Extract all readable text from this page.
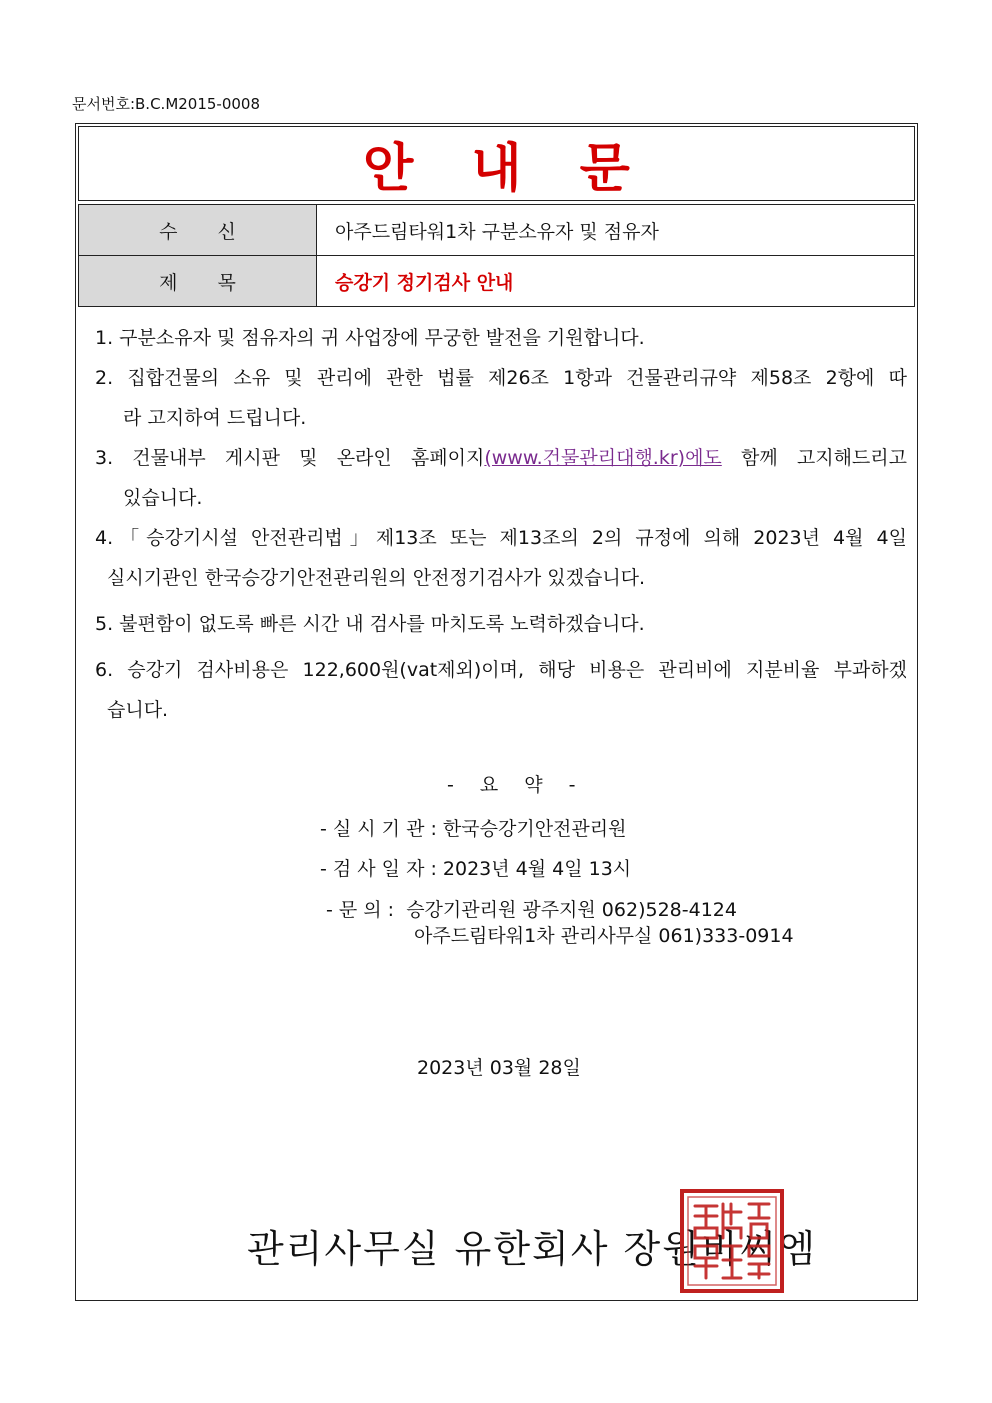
문서번호:B.C.M2015-0008
안내문
수신	아주드림타워1차 구분소유자 및 점유자
제목	승강기 정기검사 안내
1. 구분소유자 및 점유자의 귀 사업장에 무궁한 발전을 기원합니다.
2. 집합건물의 소유 및 관리에 관한 법률 제26조 1항과 건물관리규약 제58조 2항에 따
라 고지하여 드립니다.
3. 건물내부 게시판 및 온라인 홈페이지(www.건물관리대행.kr)에도 함께 고지해드리고
있습니다.
4.「승강기시설 안전관리법」제13조 또는 제13조의 2의 규정에 의해 2023년 4월 4일
실시기관인 한국승강기안전관리원의 안전정기검사가 있겠습니다.
5. 불편함이 없도록 빠른 시간 내 검사를 마치도록 노력하겠습니다.
6. 승강기 검사비용은 122,600원(vat제외)이며, 해당 비용은 관리비에 지분비율 부과하겠
습니다.
- 요 약 -
- 실 시 기 관 : 한국승강기안전관리원
- 검 사 일 자 : 2023년 4월 4일 13시
- 문 의 : 승강기관리원 광주지원 062)528-4124
아주드림타워1차 관리사무실 061)333-0914
2023년 03월 28일
관리사무실 유한회사 장원비씨엠
